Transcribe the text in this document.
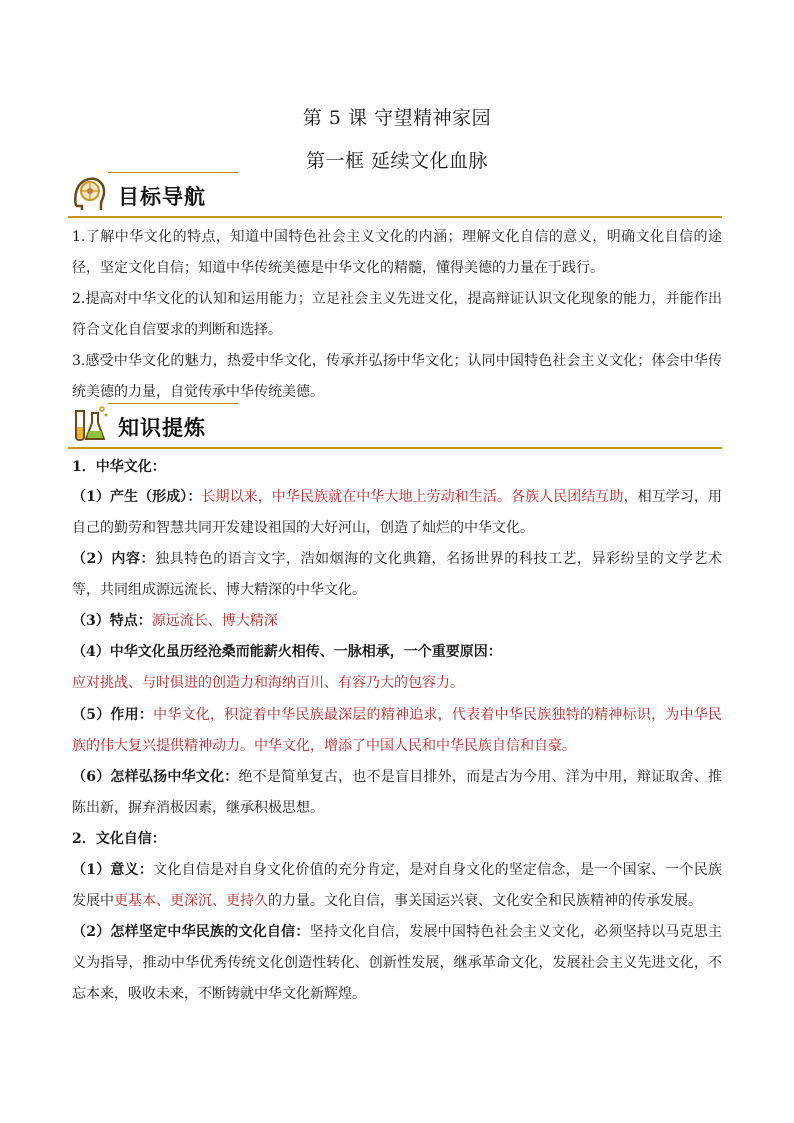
第 5 课 守望精神家园
第一框 延续文化血脉
目标导航
1.了解中华文化的特点，知道中国特色社会主义文化的内涵；理解文化自信的意义，明确文化自信的途径，坚定文化自信；知道中华传统美德是中华文化的精髓，懂得美德的力量在于践行。
2.提高对中华文化的认知和运用能力；立足社会主义先进文化，提高辩证认识文化现象的能力，并能作出符合文化自信要求的判断和选择。
3.感受中华文化的魅力，热爱中华文化，传承并弘扬中华文化；认同中国特色社会主义文化；体会中华传统美德的力量，自觉传承中华传统美德。
知识提炼
1．中华文化：
（1）产生（形成）：长期以来，中华民族就在中华大地上劳动和生活。各族人民团结互助，相互学习，用自己的勤劳和智慧共同开发建设祖国的大好河山，创造了灿烂的中华文化。
（2）内容：独具特色的语言文字，浩如烟海的文化典籍，名扬世界的科技工艺，异彩纷呈的文学艺术等，共同组成源远流长、博大精深的中华文化。
（3）特点：源远流长、博大精深
（4）中华文化虽历经沧桑而能薪火相传、一脉相承，一个重要原因：
应对挑战、与时俱进的创造力和海纳百川、有容乃大的包容力。
（5）作用：中华文化，积淀着中华民族最深层的精神追求，代表着中华民族独特的精神标识，为中华民族的伟大复兴提供精神动力。中华文化，增添了中国人民和中华民族自信和自豪。
（6）怎样弘扬中华文化：绝不是简单复古，也不是盲目排外，而是古为今用、洋为中用，辩证取舍、推陈出新，摒弃消极因素，继承积极思想。
2．文化自信：
（1）意义：文化自信是对自身文化价值的充分肯定，是对自身文化的坚定信念，是一个国家、一个民族发展中更基本、更深沉、更持久的力量。文化自信，事关国运兴衰、文化安全和民族精神的传承发展。
（2）怎样坚定中华民族的文化自信：坚持文化自信，发展中国特色社会主义文化，必须坚持以马克思主义为指导，推动中华优秀传统文化创造性转化、创新性发展，继承革命文化，发展社会主义先进文化，不忘本来，吸收未来，不断铸就中华文化新辉煌。
